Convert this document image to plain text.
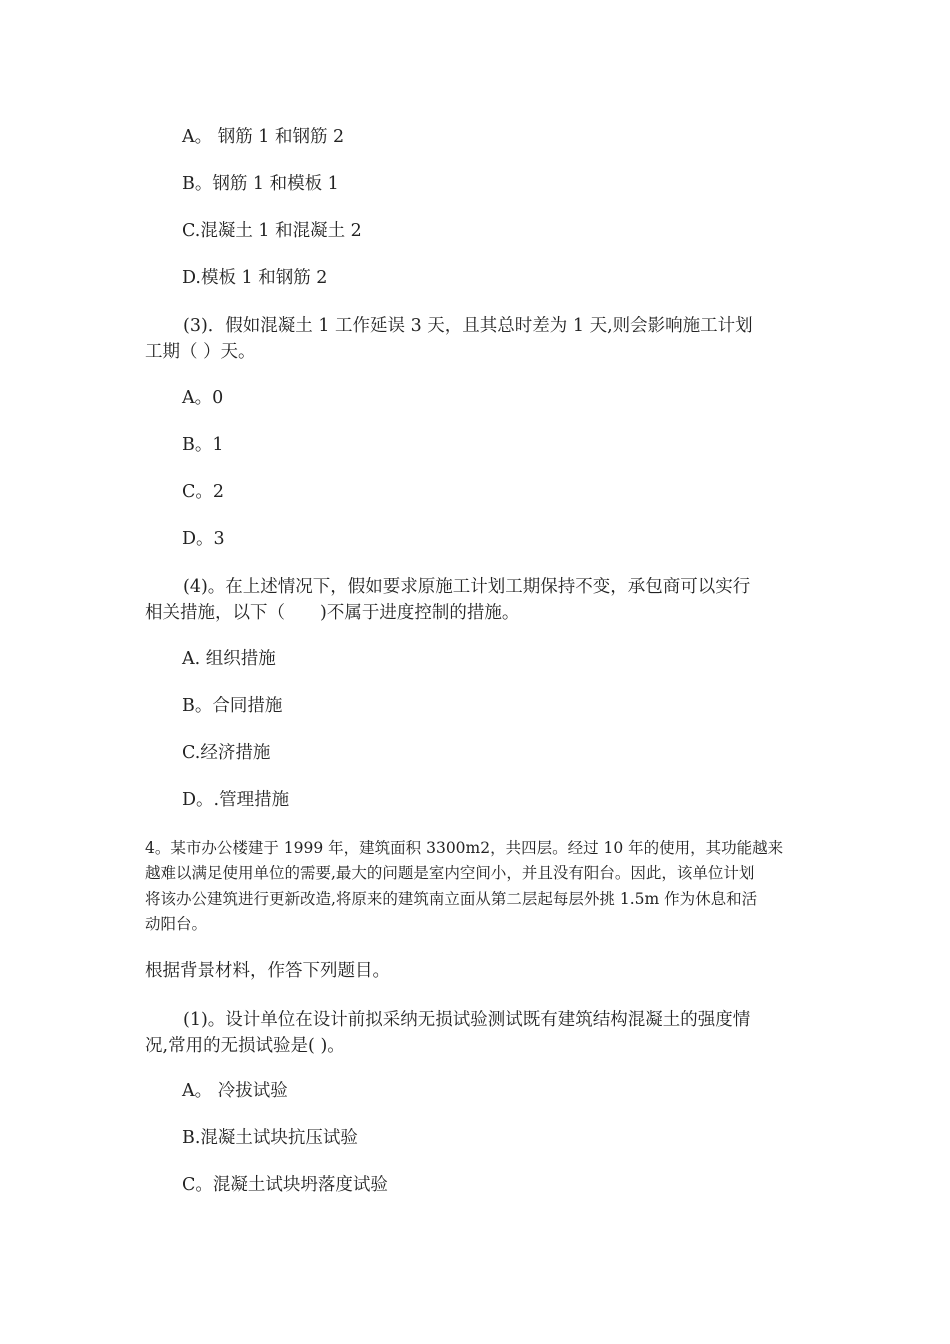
A。 钢筋 1 和钢筋 2
B。钢筋 1 和模板 1
C.混凝土 1 和混凝土 2
D.模板 1 和钢筋 2
(3)．假如混凝土 1 工作延误 3 天，且其总时差为 1 天,则会影响施工计划
工期（ ）天。
A。0
B。1
C。2
D。3
(4)。在上述情况下，假如要求原施工计划工期保持不变，承包商可以实行
相关措施，以下（　　)不属于进度控制的措施。
A. 组织措施
B。合同措施
C.经济措施
D。.管理措施
4。某市办公楼建于 1999 年，建筑面积 3300m2，共四层。经过 10 年的使用，其功能越来
越难以满足使用单位的需要,最大的问题是室内空间小，并且没有阳台。因此，该单位计划
将该办公建筑进行更新改造,将原来的建筑南立面从第二层起每层外挑 1.5m 作为休息和活
动阳台。
根据背景材料，作答下列题目。
(1)。设计单位在设计前拟采纳无损试验测试既有建筑结构混凝土的强度情
况,常用的无损试验是( )。
A。 冷拔试验
B.混凝土试块抗压试验
C。混凝土试块坍落度试验
